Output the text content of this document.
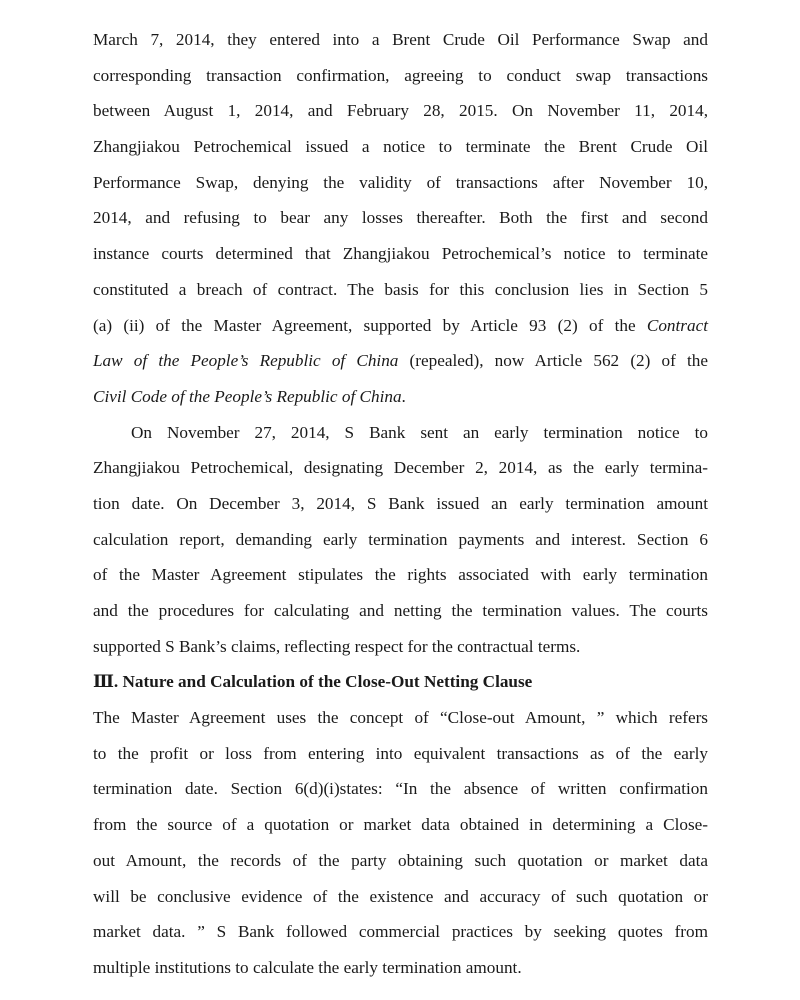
March 7, 2014, they entered into a Brent Crude Oil Performance Swap and
corresponding transaction confirmation, agreeing to conduct swap transactions
between August 1, 2014, and February 28, 2015. On November 11, 2014,
Zhangjiakou Petrochemical issued a notice to terminate the Brent Crude Oil
Performance Swap, denying the validity of transactions after November 10,
2014, and refusing to bear any losses thereafter. Both the first and second
instance courts determined that Zhangjiakou Petrochemical’s notice to terminate
constituted a breach of contract. The basis for this conclusion lies in Section 5
(a) (ii) of the Master Agreement, supported by Article 93 (2) of the Contract
Law of the People’s Republic of China (repealed), now Article 562 (2) of the
Civil Code of the People’s Republic of China.
On November 27, 2014, S Bank sent an early termination notice to
Zhangjiakou Petrochemical, designating December 2, 2014, as the early termina-
tion date. On December 3, 2014, S Bank issued an early termination amount
calculation report, demanding early termination payments and interest. Section 6
of the Master Agreement stipulates the rights associated with early termination
and the procedures for calculating and netting the termination values. The courts
supported S Bank’s claims, reflecting respect for the contractual terms.
Ⅲ. Nature and Calculation of the Close-Out Netting Clause
The Master Agreement uses the concept of “Close-out Amount, ” which refers
to the profit or loss from entering into equivalent transactions as of the early
termination date. Section 6(d)(i)states: “In the absence of written confirmation
from the source of a quotation or market data obtained in determining a Close-
out Amount, the records of the party obtaining such quotation or market data
will be conclusive evidence of the existence and accuracy of such quotation or
market data. ” S Bank followed commercial practices by seeking quotes from
multiple institutions to calculate the early termination amount.
